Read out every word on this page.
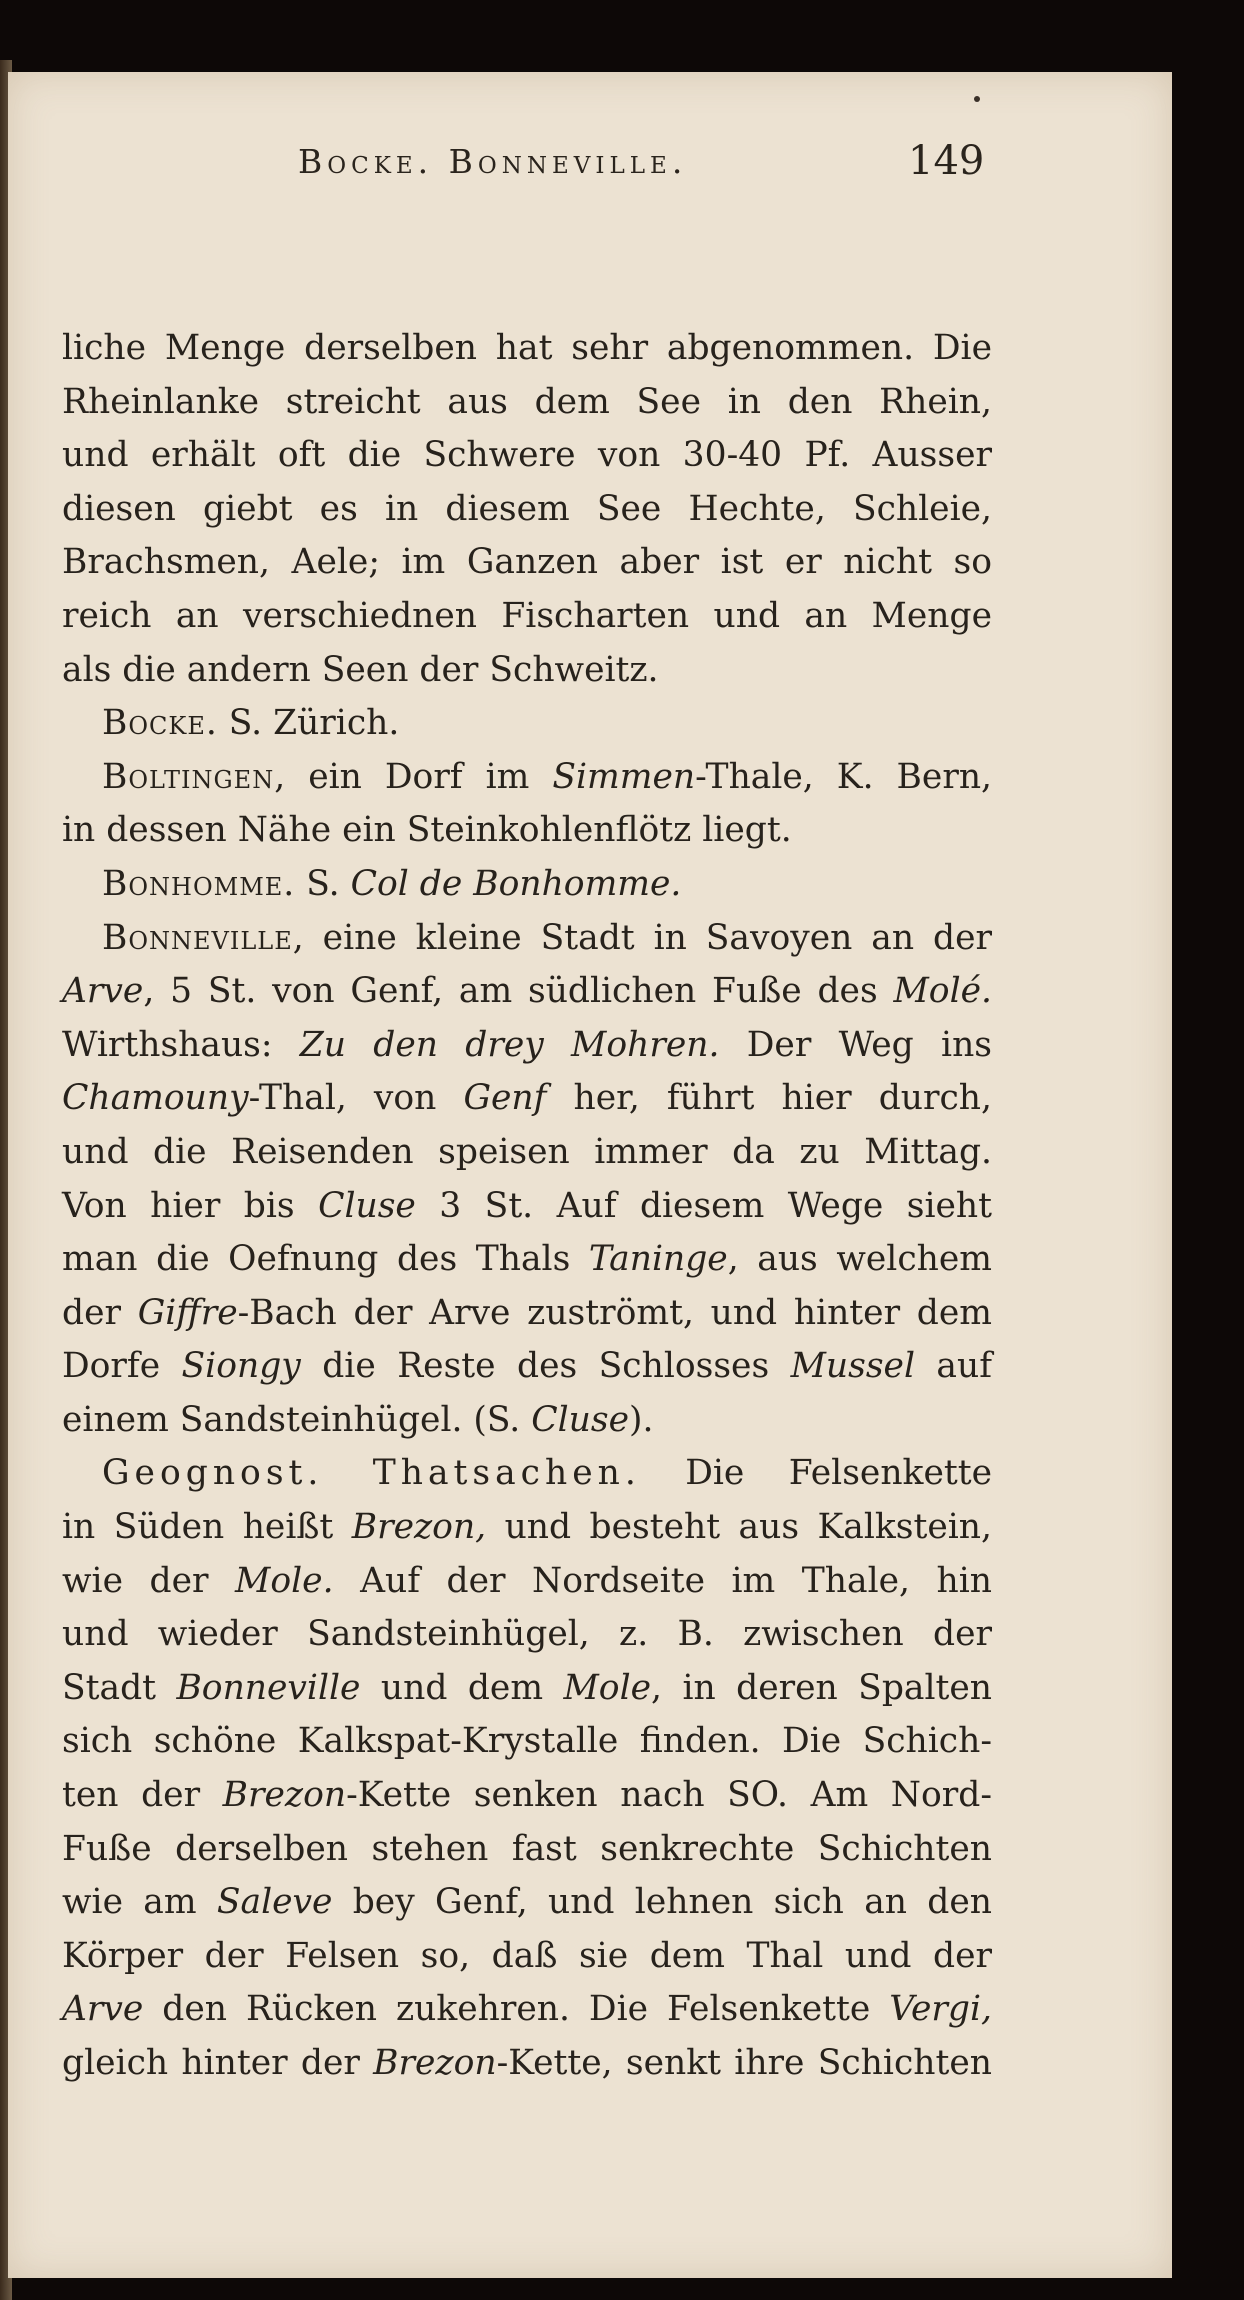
Bocke. Bonneville.	149
liche Menge derselben hat sehr abgenommen. Die
Rheinlanke streicht aus dem See in den Rhein,
und erhält oft die Schwere von 30-40 Pf. Ausser
diesen giebt es in diesem See Hechte, Schleie,
Brachsmen, Aele; im Ganzen aber ist er nicht so
reich an verschiednen Fischarten und an Menge
als die andern Seen der Schweitz.
Bocke. S. Zürich.
Boltingen, ein Dorf im Simmen-Thale, K. Bern,
in dessen Nähe ein Steinkohlenflötz liegt.
Bonhomme. S. Col de Bonhomme.
Bonneville, eine kleine Stadt in Savoyen an der
Arve, 5 St. von Genf, am südlichen Fuße des Molé.
Wirthshaus: Zu den drey Mohren. Der Weg ins
Chamouny-Thal, von Genf her, führt hier durch,
und die Reisenden speisen immer da zu Mittag.
Von hier bis Cluse 3 St. Auf diesem Wege sieht
man die Oefnung des Thals Taninge, aus welchem
der Giffre-Bach der Arve zuströmt, und hinter dem
Dorfe Siongy die Reste des Schlosses Mussel auf
einem Sandsteinhügel. (S. Cluse).
Geognost. Thatsachen. Die Felsenkette
in Süden heißt Brezon, und besteht aus Kalkstein,
wie der Mole. Auf der Nordseite im Thale, hin
und wieder Sandsteinhügel, z. B. zwischen der
Stadt Bonneville und dem Mole, in deren Spalten
sich schöne Kalkspat-Krystalle finden. Die Schich-
ten der Brezon-Kette senken nach SO. Am Nord-
Fuße derselben stehen fast senkrechte Schichten
wie am Saleve bey Genf, und lehnen sich an den
Körper der Felsen so, daß sie dem Thal und der
Arve den Rücken zukehren. Die Felsenkette Vergi,
gleich hinter der Brezon-Kette, senkt ihre Schichten
